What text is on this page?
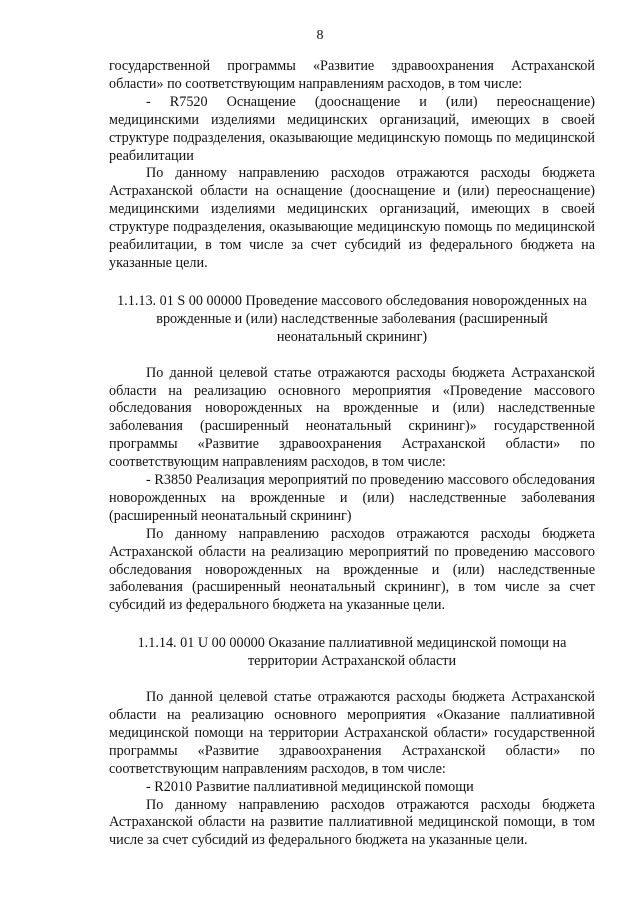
8

государственной программы «Развитие здравоохранения Астраханской области» по соответствующим направлениям расходов, в том числе:

- R7520 Оснащение (дооснащение и (или) переоснащение) медицинскими изделиями медицинских организаций, имеющих в своей структуре подразделения, оказывающие медицинскую помощь по медицинской реабилитации

По данному направлению расходов отражаются расходы бюджета Астраханской области на оснащение (дооснащение и (или) переоснащение) медицинскими изделиями медицинских организаций, имеющих в своей структуре подразделения, оказывающие медицинскую помощь по медицинской реабилитации, в том числе за счет субсидий из федерального бюджета на указанные цели.

1.1.13. 01 S 00 00000 Проведение массового обследования новорожденных на врожденные и (или) наследственные заболевания (расширенный неонатальный скрининг)

По данной целевой статье отражаются расходы бюджета Астраханской области на реализацию основного мероприятия «Проведение массового обследования новорожденных на врожденные и (или) наследственные заболевания (расширенный неонатальный скрининг)» государственной программы «Развитие здравоохранения Астраханской области» по соответствующим направлениям расходов, в том числе:

- R3850 Реализация мероприятий по проведению массового обследования новорожденных на врожденные и (или) наследственные заболевания (расширенный неонатальный скрининг)

По данному направлению расходов отражаются расходы бюджета Астраханской области на реализацию мероприятий по проведению массового обследования новорожденных на врожденные и (или) наследственные заболевания (расширенный неонатальный скрининг), в том числе за счет субсидий из федерального бюджета на указанные цели.

1.1.14. 01 U 00 00000 Оказание паллиативной медицинской помощи на территории Астраханской области

По данной целевой статье отражаются расходы бюджета Астраханской области на реализацию основного мероприятия «Оказание паллиативной медицинской помощи на территории Астраханской области» государственной программы «Развитие здравоохранения Астраханской области» по соответствующим направлениям расходов, в том числе:

- R2010 Развитие паллиативной медицинской помощи

По данному направлению расходов отражаются расходы бюджета Астраханской области на развитие паллиативной медицинской помощи, в том числе за счет субсидий из федерального бюджета на указанные цели.
